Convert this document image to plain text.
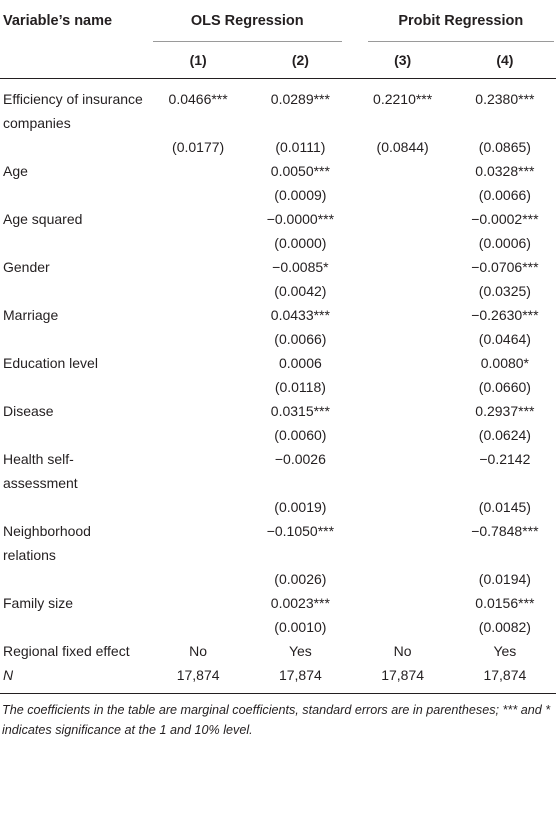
Variable’s name	OLS Regression		Probit Regression	

	(1)	(2)	(3)	(4)
Efficiency of insurance companies	0.0466***	0.0289***	0.2210***	0.2380***
	(0.0177)	(0.0111)	(0.0844)	(0.0865)
Age		0.0050***		0.0328***
		(0.0009)		(0.0066)
Age squared		−0.0000***		−0.0002***
		(0.0000)		(0.0006)
Gender		−0.0085*		−0.0706***
		(0.0042)		(0.0325)
Marriage		0.0433***		−0.2630***
		(0.0066)		(0.0464)
Education level		0.0006		0.0080*
		(0.0118)		(0.0660)
Disease		0.0315***		0.2937***
		(0.0060)		(0.0624)
Health self-assessment		−0.0026		−0.2142
		(0.0019)		(0.0145)
Neighborhood relations		−0.1050***		−0.7848***
		(0.0026)		(0.0194)
Family size		0.0023***		0.0156***
		(0.0010)		(0.0082)
Regional fixed effect	No	Yes	No	Yes
N	17,874	17,874	17,874	17,874

The coefficients in the table are marginal coefficients, standard errors are in parentheses; *** and * indicates significance at the 1 and 10% level.
